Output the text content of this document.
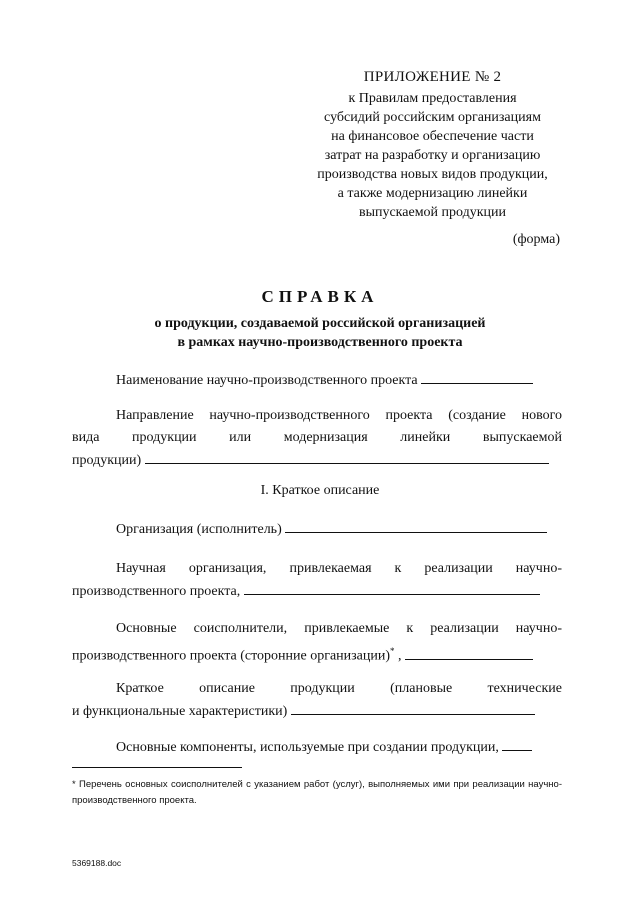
ПРИЛОЖЕНИЕ № 2
к Правилам предоставления
субсидий российским организациям
на финансовое обеспечение части
затрат на разработку и организацию
производства новых видов продукции,
а также модернизацию линейки
выпускаемой продукции
(форма)
СПРАВКА
о продукции, создаваемой российской организацией
в рамках научно-производственного проекта
Наименование научно-производственного проекта
Направление научно-производственного проекта (создание нового
вида продукции или модернизация линейки выпускаемой
продукции)
I. Краткое описание
Организация (исполнитель)
Научная организация, привлекаемая к реализации научно-
производственного проекта,
Основные соисполнители, привлекаемые к реализации научно-
производственного проекта (сторонние организации)* ,
Краткое описание продукции (плановые технические
и функциональные характеристики)
Основные компоненты, используемые при создании продукции,
* Перечень основных соисполнителей с указанием работ (услуг), выполняемых ими при реализации научно-производственного проекта.
5369188.doc
